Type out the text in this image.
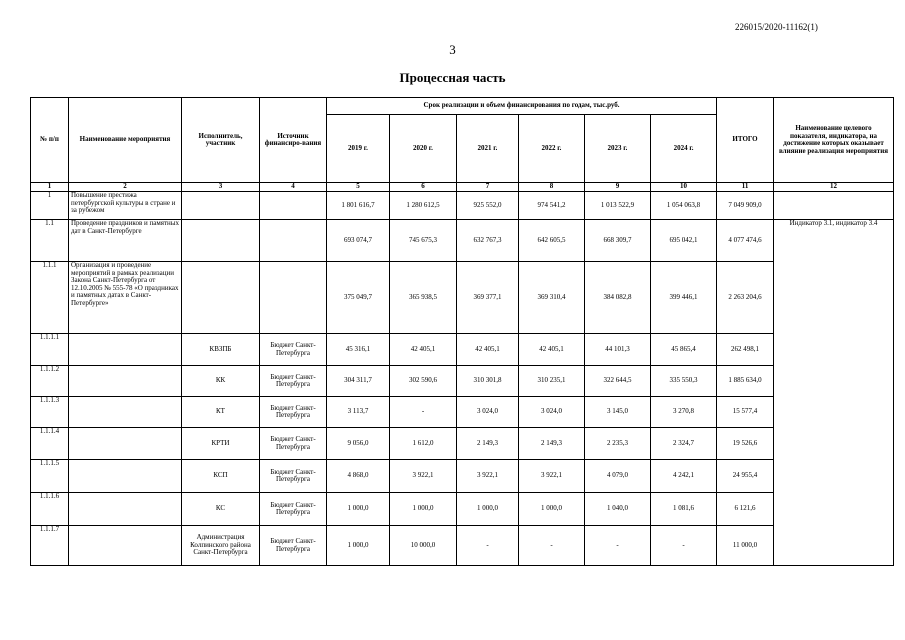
226015/2020-11162(1)
3
Процессная часть
№ п/п	Наименование мероприятия	Исполнитель, участник	Источник финансиро-вания	Срок реализации и объем финансирования по годам, тыс.руб.						ИТОГО	Наименование целевого показателя, индикатора, на достижение которых оказывает влияние реализация мероприятия
				2019 г.	2020 г.	2021 г.	2022 г.	2023 г.	2024 г.		
1	2	3	4	5	6	7	8	9	10	11	12
1	Повышение престижа петербургской культуры в стране и за рубежом			1 801 616,7	1 280 612,5	925 552,0	974 541,2	1 013 522,9	1 054 063,8	7 049 909,0	
1.1	Проведение праздников и памятных дат в Санкт-Петербурге			693 074,7	745 675,3	632 767,3	642 605,5	668 309,7	695 042,1	4 077 474,6	Индикатор 3.1, индикатор 3.4
1.1.1	Организация и проведение мероприятий в рамках реализации Закона Санкт-Петербурга от 12.10.2005 № 555-78 «О праздниках и памятных датах в Санкт-Петербурге»			375 049,7	365 938,5	369 377,1	369 310,4	384 082,8	399 446,1	2 263 204,6	
1.1.1.1		КВЗПБ	Бюджет Санкт-Петербурга	45 316,1	42 405,1	42 405,1	42 405,1	44 101,3	45 865,4	262 498,1	
1.1.1.2		КК	Бюджет Санкт-Петербурга	304 311,7	302 590,6	310 301,8	310 235,1	322 644,5	335 550,3	1 885 634,0	
1.1.1.3		КТ	Бюджет Санкт-Петербурга	3 113,7	-	3 024,0	3 024,0	3 145,0	3 270,8	15 577,4	
1.1.1.4		КРТИ	Бюджет Санкт-Петербурга	9 056,0	1 612,0	2 149,3	2 149,3	2 235,3	2 324,7	19 526,6	
1.1.1.5		КСП	Бюджет Санкт-Петербурга	4 868,0	3 922,1	3 922,1	3 922,1	4 079,0	4 242,1	24 955,4	
1.1.1.6		КС	Бюджет Санкт-Петербурга	1 000,0	1 000,0	1 000,0	1 000,0	1 040,0	1 081,6	6 121,6	
1.1.1.7		Администрация Колпинского района Санкт-Петербурга	Бюджет Санкт-Петербурга	1 000,0	10 000,0	-	-	-	-	11 000,0	
